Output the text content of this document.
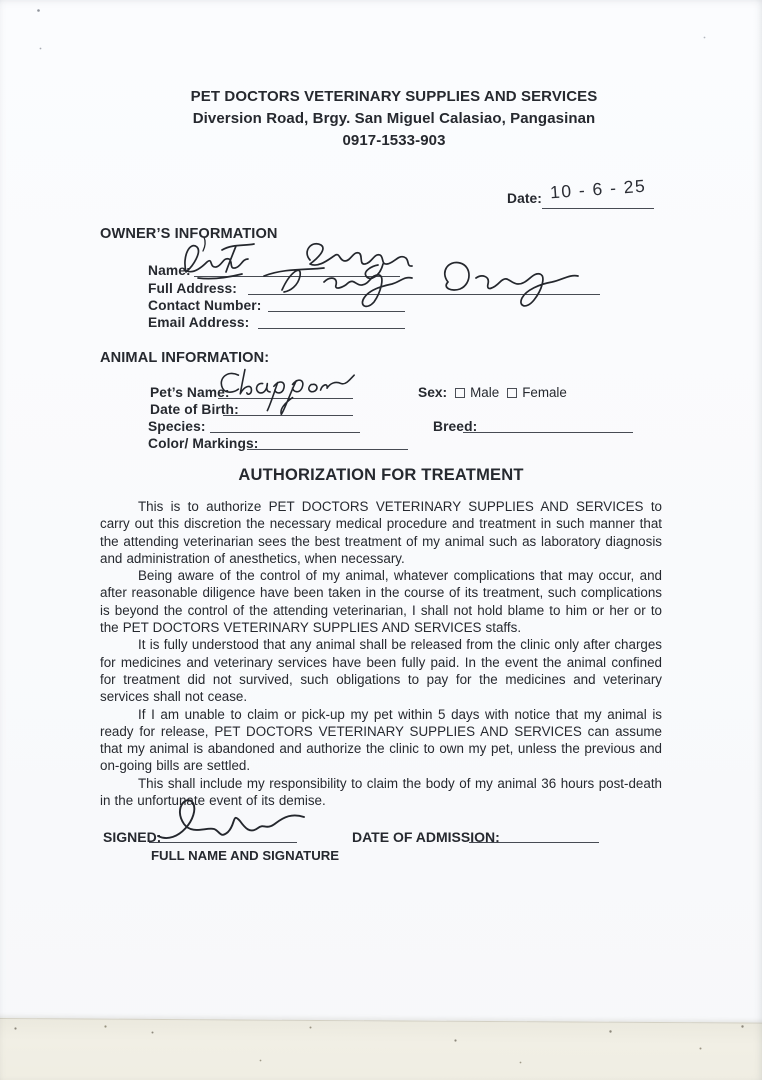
PET DOCTORS VETERINARY SUPPLIES AND SERVICES
Diversion Road, Brgy. San Miguel Calasiao, Pangasinan
0917-1533-903
Date: 10 - 6 - 25
OWNER’S INFORMATION
Name:
Full Address:
Contact Number:
Email Address:
ANIMAL INFORMATION:
Pet’s Name:	Sex: Male Female
Date of Birth:
Species:	Breed:
Color/ Markings:
AUTHORIZATION FOR TREATMENT

This is to authorize PET DOCTORS VETERINARY SUPPLIES AND SERVICES to carry out this discretion the necessary medical procedure and treatment in such manner that the attending veterinarian sees the best treatment of my animal such as laboratory diagnosis and administration of anesthetics, when necessary.

Being aware of the control of my animal, whatever complications that may occur, and after reasonable diligence have been taken in the course of its treatment, such complications is beyond the control of the attending veterinarian, I shall not hold blame to him or her or to the PET DOCTORS VETERINARY SUPPLIES AND SERVICES staffs.

It is fully understood that any animal shall be released from the clinic only after charges for medicines and veterinary services have been fully paid. In the event the animal confined for treatment did not survived, such obligations to pay for the medicines and veterinary services shall not cease.

If I am unable to claim or pick-up my pet within 5 days with notice that my animal is ready for release, PET DOCTORS VETERINARY SUPPLIES AND SERVICES can assume that my animal is abandoned and authorize the clinic to own my pet, unless the previous and on-going bills are settled.

This shall include my responsibility to claim the body of my animal 36 hours post-death in the unfortunate event of its demise.

SIGNED:
FULL NAME AND SIGNATURE
DATE OF ADMISSION:
